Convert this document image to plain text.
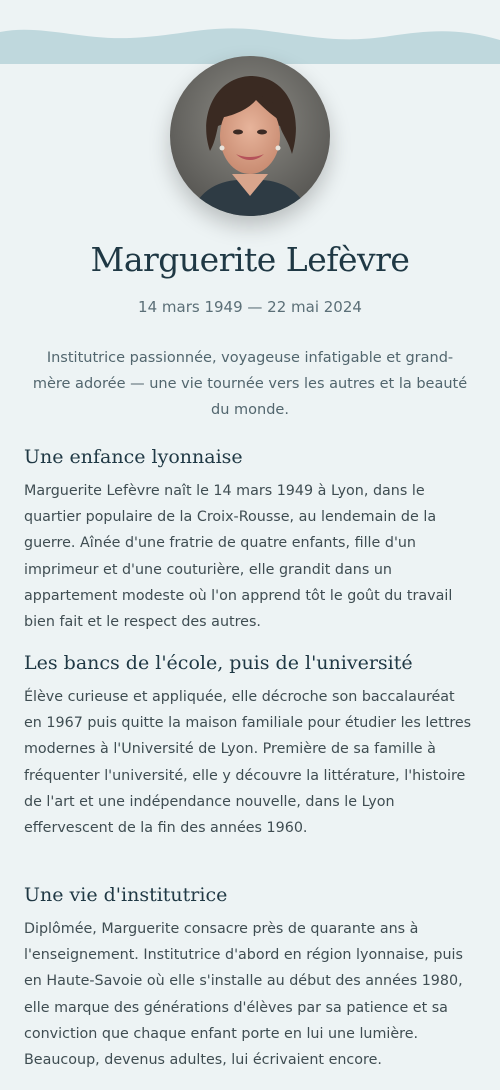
Marguerite Lefèvre

14 mars 1949 — 22 mai 2024

Institutrice passionnée, voyageuse infatigable et grand-mère adorée — une vie tournée vers les autres et la beauté du monde.

Une enfance lyonnaise

Marguerite Lefèvre naît le 14 mars 1949 à Lyon, dans le quartier populaire de la Croix-Rousse, au lendemain de la guerre. Aînée d'une fratrie de quatre enfants, fille d'un imprimeur et d'une couturière, elle grandit dans un appartement modeste où l'on apprend tôt le goût du travail bien fait et le respect des autres.

Les bancs de l'école, puis de l'université

Élève curieuse et appliquée, elle décroche son baccalauréat en 1967 puis quitte la maison familiale pour étudier les lettres modernes à l'Université de Lyon. Première de sa famille à fréquenter l'université, elle y découvre la littérature, l'histoire de l'art et une indépendance nouvelle, dans le Lyon effervescent de la fin des années 1960.

Une vie d'institutrice

Diplômée, Marguerite consacre près de quarante ans à l'enseignement. Institutrice d'abord en région lyonnaise, puis en Haute-Savoie où elle s'installe au début des années 1980, elle marque des générations d'élèves par sa patience et sa conviction que chaque enfant porte en lui une lumière. Beaucoup, devenus adultes, lui écrivaient encore.
